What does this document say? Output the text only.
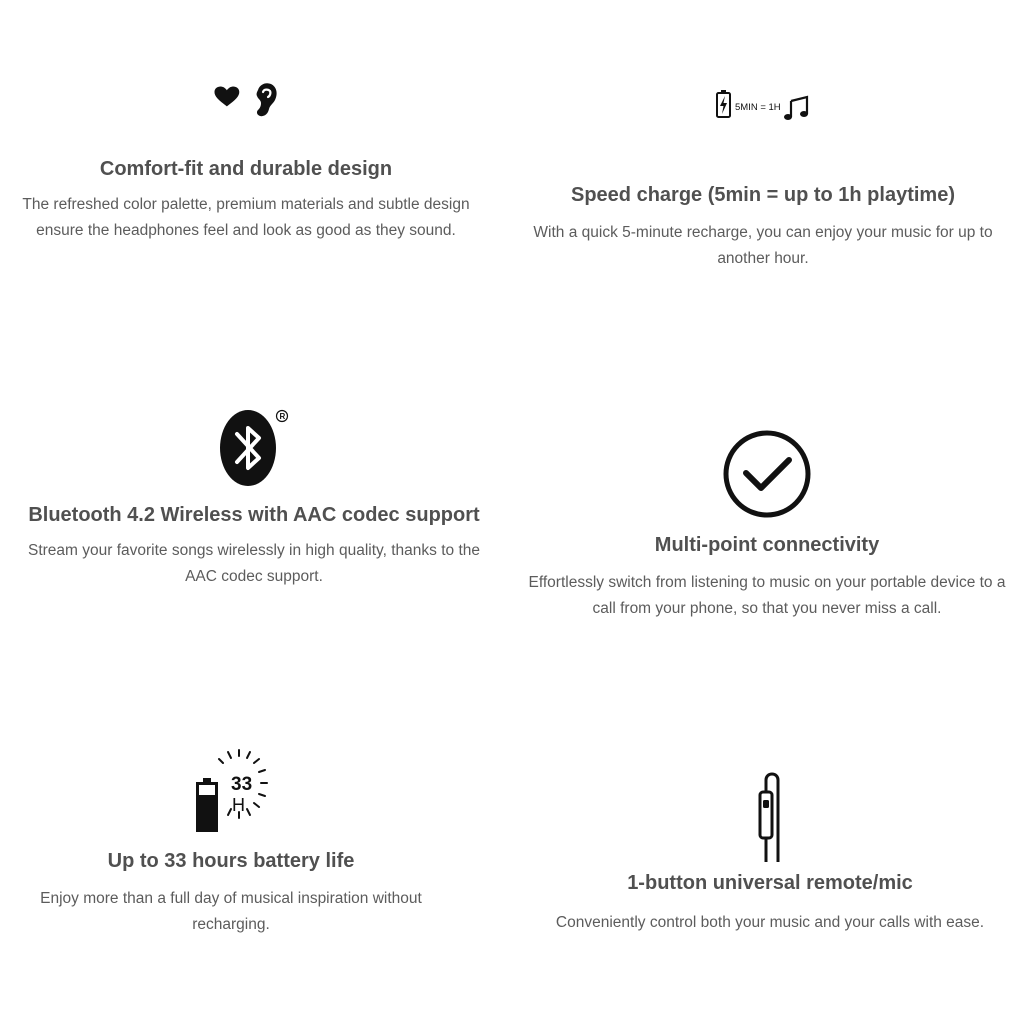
Comfort-fit and durable design

The refreshed color palette, premium materials and subtle design ensure the headphones feel and look as good as they sound.

5MIN = 1H
Speed charge (5min = up to 1h playtime)

With a quick 5-minute recharge, you can enjoy your music for up to another hour.

R
Bluetooth 4.2 Wireless with AAC codec support

Stream your favorite songs wirelessly in high quality, thanks to the AAC codec support.

Multi-point connectivity

Effortlessly switch from listening to music on your portable device to a call from your phone, so that you never miss a call.

33
H
Up to 33 hours battery life

Enjoy more than a full day of musical inspiration without recharging.

1-button universal remote/mic

Conveniently control both your music and your calls with ease.
